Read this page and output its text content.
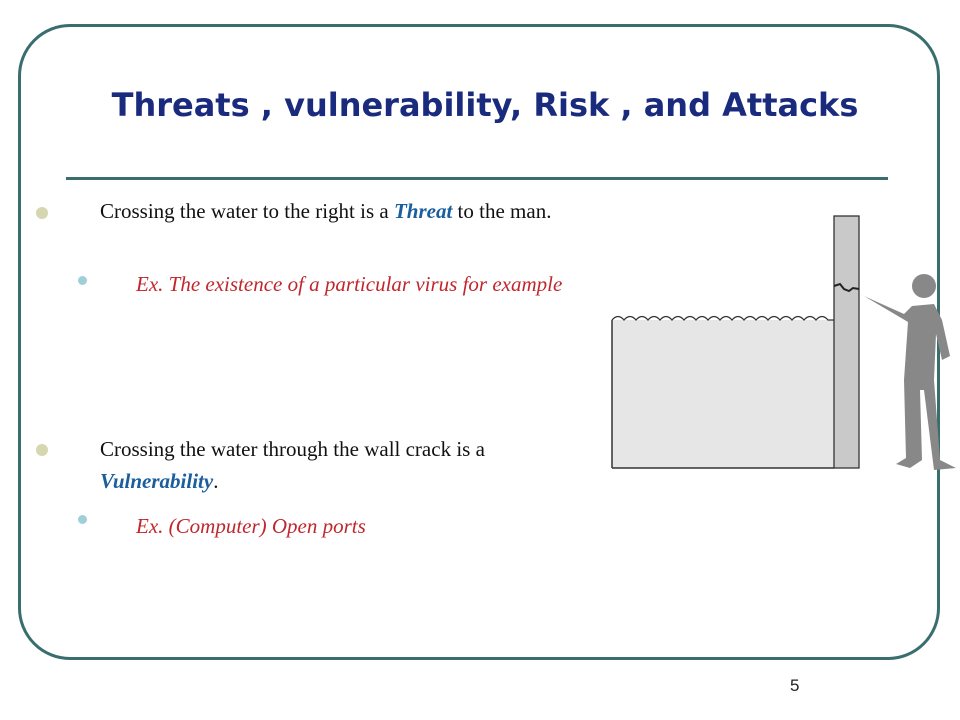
Threats , vulnerability, Risk , and Attacks
Crossing the water to the right is a Threat to the man.
Ex. The existence of a particular virus for example
Crossing the water through the wall crack is a Vulnerability.
Ex. (Computer) Open ports
5
